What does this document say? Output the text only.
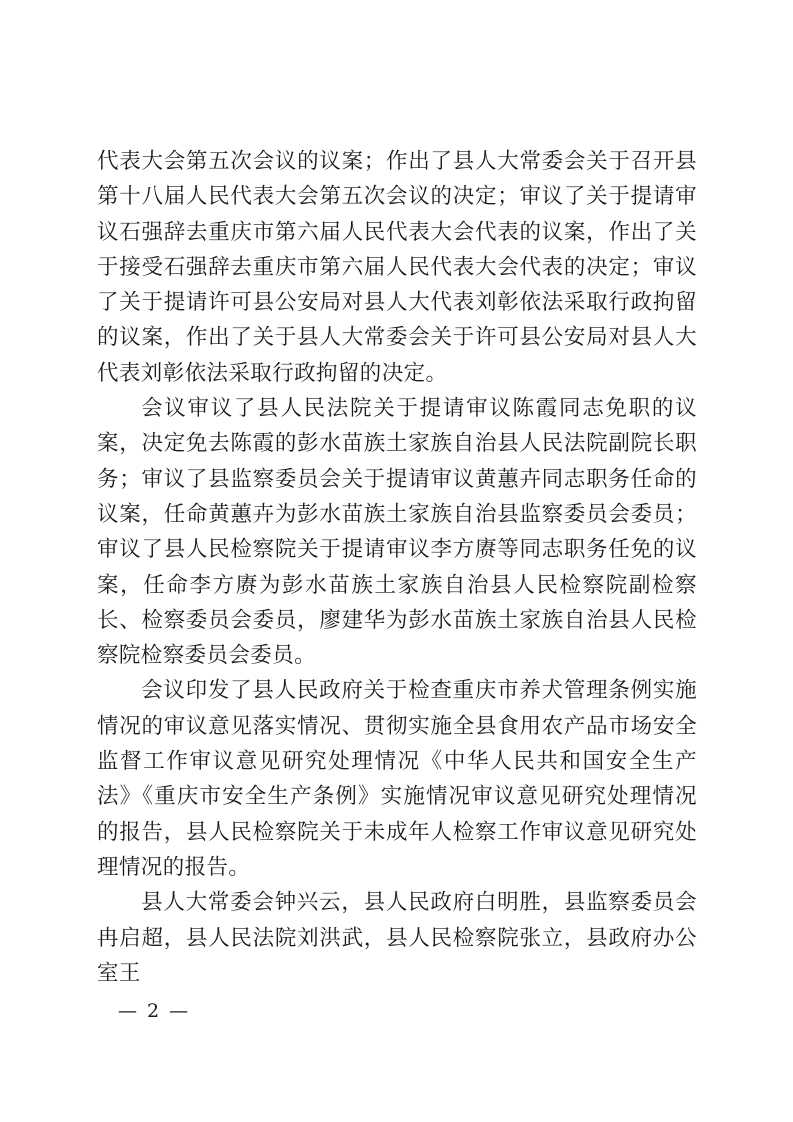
代表大会第五次会议的议案；作出了县人大常委会关于召开县第十八届人民代表大会第五次会议的决定；审议了关于提请审议石强辞去重庆市第六届人民代表大会代表的议案，作出了关于接受石强辞去重庆市第六届人民代表大会代表的决定；审议了关于提请许可县公安局对县人大代表刘彰依法采取行政拘留的议案，作出了关于县人大常委会关于许可县公安局对县人大代表刘彰依法采取行政拘留的决定。

会议审议了县人民法院关于提请审议陈霞同志免职的议案，决定免去陈霞的彭水苗族土家族自治县人民法院副院长职务；审议了县监察委员会关于提请审议黄蕙卉同志职务任命的议案，任命黄蕙卉为彭水苗族土家族自治县监察委员会委员；审议了县人民检察院关于提请审议李方赓等同志职务任免的议案，任命李方赓为彭水苗族土家族自治县人民检察院副检察长、检察委员会委员，廖建华为彭水苗族土家族自治县人民检察院检察委员会委员。

会议印发了县人民政府关于检查重庆市养犬管理条例实施情况的审议意见落实情况、贯彻实施全县食用农产品市场安全监督工作审议意见研究处理情况《中华人民共和国安全生产法》《重庆市安全生产条例》实施情况审议意见研究处理情况的报告，县人民检察院关于未成年人检察工作审议意见研究处理情况的报告。

县人大常委会钟兴云，县人民政府白明胜，县监察委员会冉启超，县人民法院刘洪武，县人民检察院张立，县政府办公室王

— 2 —
